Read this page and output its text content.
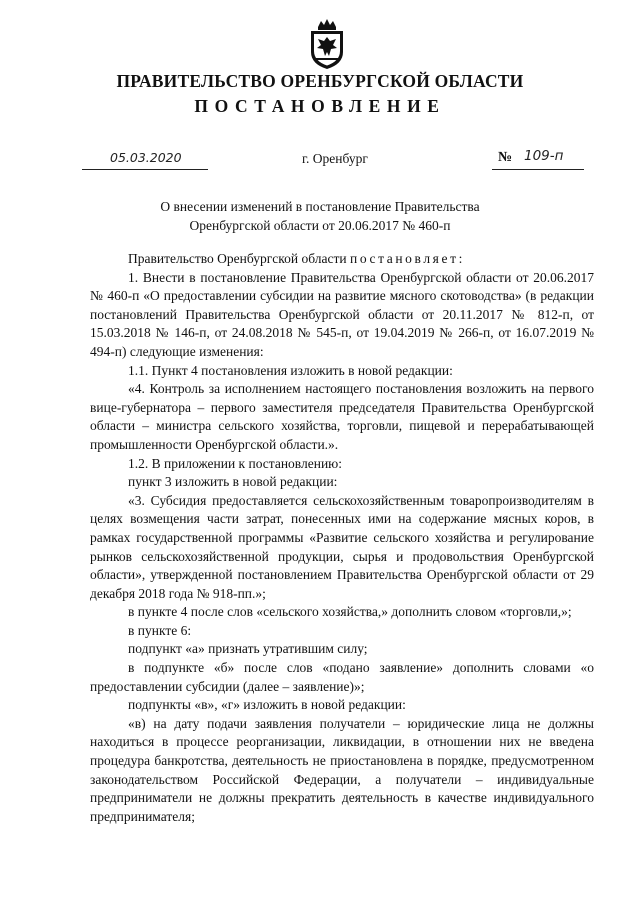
ПРАВИТЕЛЬСТВО ОРЕНБУРГСКОЙ ОБЛАСТИ
ПОСТАНОВЛЕНИЕ
05.03.2020	г. Оренбург	№ 109-п
О внесении изменений в постановление Правительства
Оренбургской области от 20.06.2017 № 460-п

Правительство Оренбургской области постановляет:

1. Внести в постановление Правительства Оренбургской области от 20.06.2017 № 460-п «О предоставлении субсидии на развитие мясного скотоводства» (в редакции постановлений Правительства Оренбургской области от 20.11.2017 № 812-п, от 15.03.2018 № 146-п, от 24.08.2018 № 545-п, от 19.04.2019 № 266-п, от 16.07.2019 № 494-п) следующие изменения:

1.1. Пункт 4 постановления изложить в новой редакции:

«4. Контроль за исполнением настоящего постановления возложить на первого вице-губернатора – первого заместителя председателя Правительства Оренбургской области – министра сельского хозяйства, торговли, пищевой и перерабатывающей промышленности Оренбургской области.».

1.2. В приложении к постановлению:

пункт 3 изложить в новой редакции:

«3. Субсидия предоставляется сельскохозяйственным товаропроизводителям в целях возмещения части затрат, понесенных ими на содержание мясных коров, в рамках государственной программы «Развитие сельского хозяйства и регулирование рынков сельскохозяйственной продукции, сырья и продовольствия Оренбургской области», утвержденной постановлением Правительства Оренбургской области от 29 декабря 2018 года № 918-пп.»;

в пункте 4 после слов «сельского хозяйства,» дополнить словом «торговли,»;

в пункте 6:

подпункт «а» признать утратившим силу;

в подпункте «б» после слов «подано заявление» дополнить словами «о предоставлении субсидии (далее – заявление)»;

подпункты «в», «г» изложить в новой редакции:

«в) на дату подачи заявления получатели – юридические лица не должны находиться в процессе реорганизации, ликвидации, в отношении них не введена процедура банкротства, деятельность не приостановлена в порядке, предусмотренном законодательством Российской Федерации, а получатели – индивидуальные предприниматели не должны прекратить деятельность в качестве индивидуального предпринимателя;
